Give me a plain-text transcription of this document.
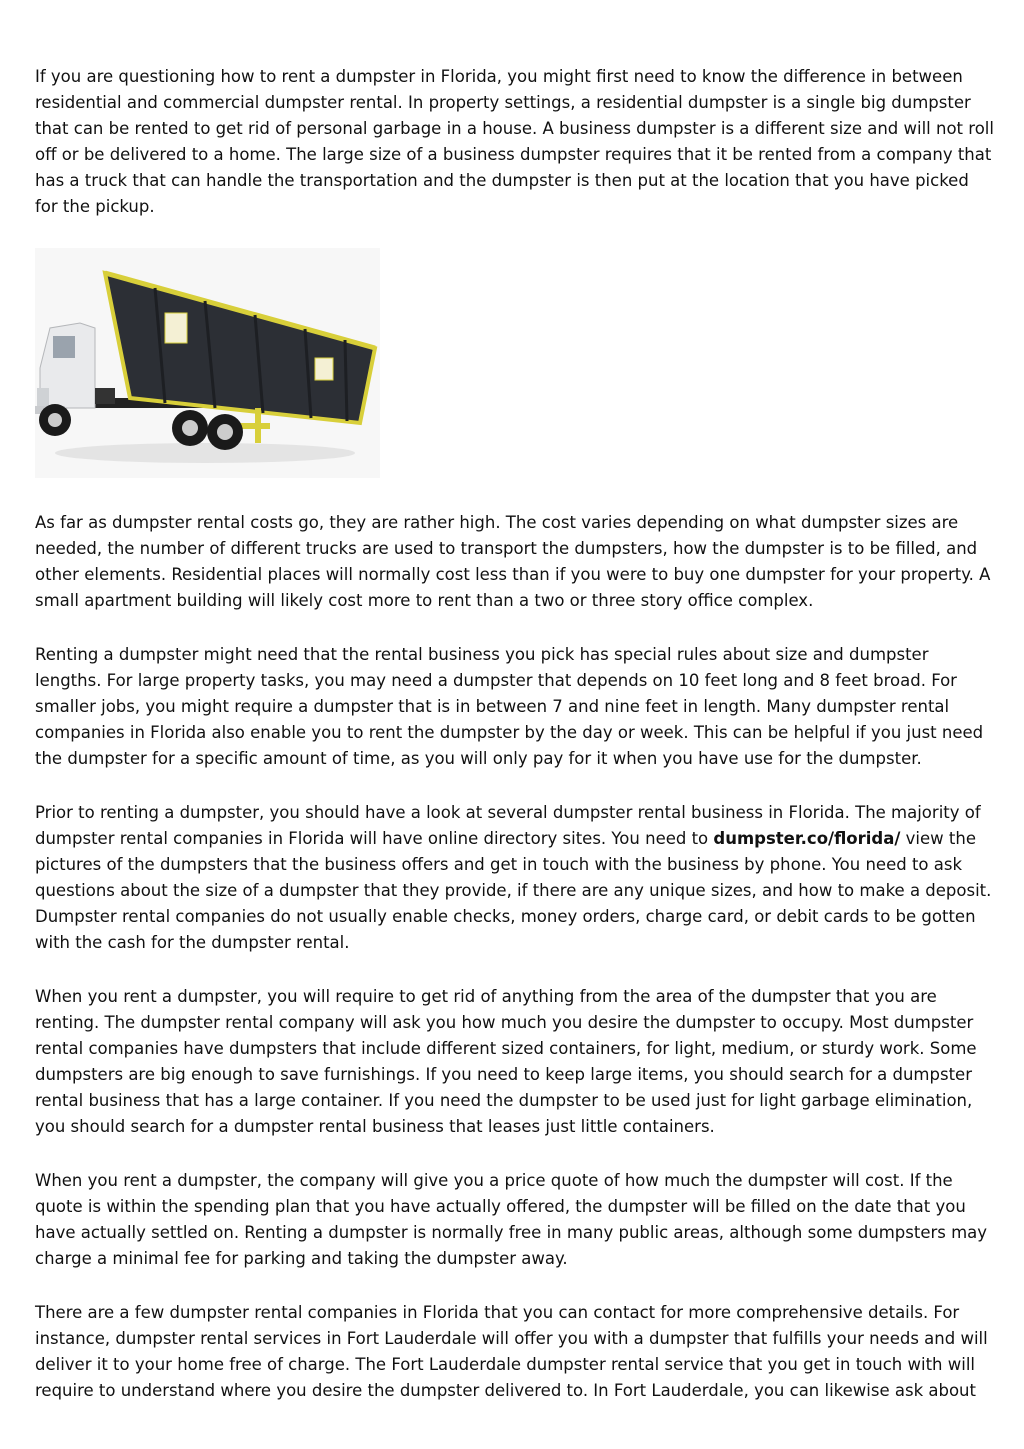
If you are questioning how to rent a dumpster in Florida, you might first need to know the difference in between residential and commercial dumpster rental. In property settings, a residential dumpster is a single big dumpster that can be rented to get rid of personal garbage in a house. A business dumpster is a different size and will not roll off or be delivered to a home. The large size of a business dumpster requires that it be rented from a company that has a truck that can handle the transportation and the dumpster is then put at the location that you have picked for the pickup.

As far as dumpster rental costs go, they are rather high. The cost varies depending on what dumpster sizes are needed, the number of different trucks are used to transport the dumpsters, how the dumpster is to be filled, and other elements. Residential places will normally cost less than if you were to buy one dumpster for your property. A small apartment building will likely cost more to rent than a two or three story office complex.

Renting a dumpster might need that the rental business you pick has special rules about size and dumpster lengths. For large property tasks, you may need a dumpster that depends on 10 feet long and 8 feet broad. For smaller jobs, you might require a dumpster that is in between 7 and nine feet in length. Many dumpster rental companies in Florida also enable you to rent the dumpster by the day or week. This can be helpful if you just need the dumpster for a specific amount of time, as you will only pay for it when you have use for the dumpster.

Prior to renting a dumpster, you should have a look at several dumpster rental business in Florida. The majority of dumpster rental companies in Florida will have online directory sites. You need to dumpster.co/florida/ view the pictures of the dumpsters that the business offers and get in touch with the business by phone. You need to ask questions about the size of a dumpster that they provide, if there are any unique sizes, and how to make a deposit. Dumpster rental companies do not usually enable checks, money orders, charge card, or debit cards to be gotten with the cash for the dumpster rental.

When you rent a dumpster, you will require to get rid of anything from the area of the dumpster that you are renting. The dumpster rental company will ask you how much you desire the dumpster to occupy. Most dumpster rental companies have dumpsters that include different sized containers, for light, medium, or sturdy work. Some dumpsters are big enough to save furnishings. If you need to keep large items, you should search for a dumpster rental business that has a large container. If you need the dumpster to be used just for light garbage elimination, you should search for a dumpster rental business that leases just little containers.

When you rent a dumpster, the company will give you a price quote of how much the dumpster will cost. If the quote is within the spending plan that you have actually offered, the dumpster will be filled on the date that you have actually settled on. Renting a dumpster is normally free in many public areas, although some dumpsters may charge a minimal fee for parking and taking the dumpster away.

There are a few dumpster rental companies in Florida that you can contact for more comprehensive details. For instance, dumpster rental services in Fort Lauderdale will offer you with a dumpster that fulfills your needs and will deliver it to your home free of charge. The Fort Lauderdale dumpster rental service that you get in touch with will require to understand where you desire the dumpster delivered to. In Fort Lauderdale, you can likewise ask about
